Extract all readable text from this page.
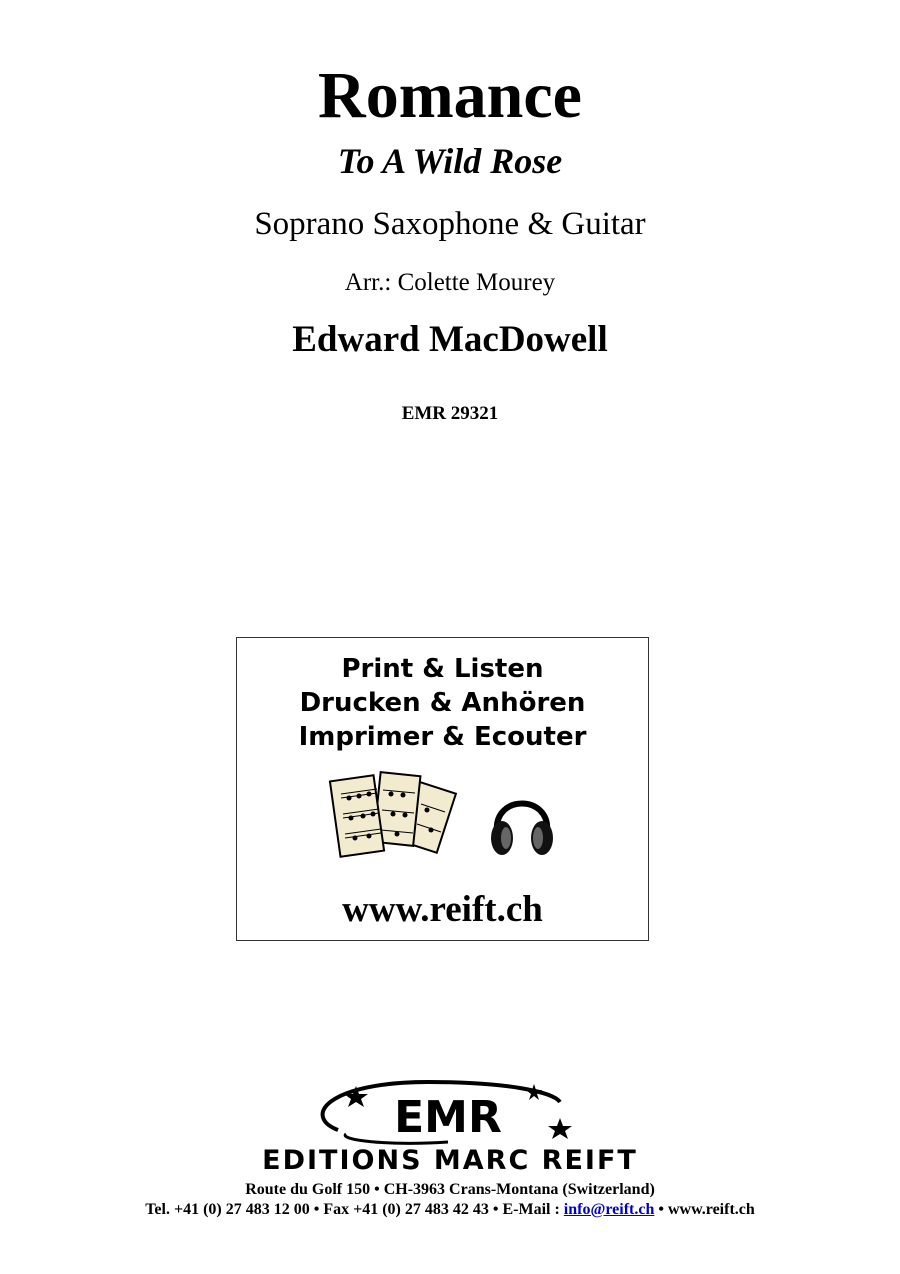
Romance
To A Wild Rose
Soprano Saxophone & Guitar
Arr.: Colette Mourey
Edward MacDowell
EMR 29321
Print & Listen
Drucken & Anhören
Imprimer & Ecouter
www.reift.ch
EMR
EDITIONS MARC REIFT
Route du Golf 150 • CH-3963 Crans-Montana (Switzerland)
Tel. +41 (0) 27 483 12 00 • Fax +41 (0) 27 483 42 43 • E-Mail : info@reift.ch • www.reift.ch
